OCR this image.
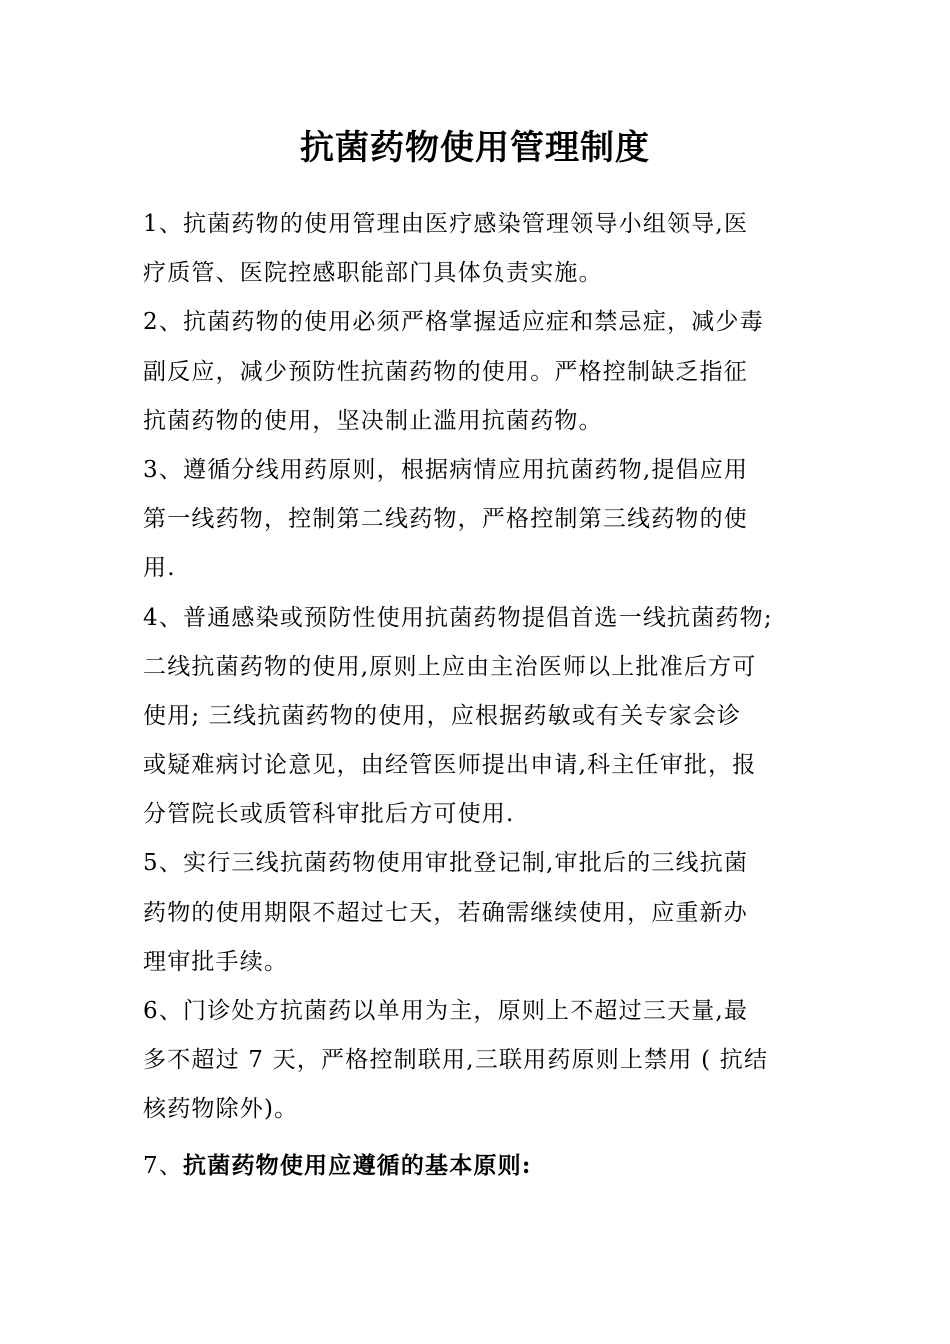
抗菌药物使用管理制度
1、抗菌药物的使用管理由医疗感染管理领导小组领导,医
疗质管、医院控感职能部门具体负责实施。
2、抗菌药物的使用必须严格掌握适应症和禁忌症，减少毒
副反应，减少预防性抗菌药物的使用。严格控制缺乏指征
抗菌药物的使用，坚决制止滥用抗菌药物。
3、遵循分线用药原则，根据病情应用抗菌药物,提倡应用
第一线药物，控制第二线药物，严格控制第三线药物的使
用.
4、普通感染或预防性使用抗菌药物提倡首选一线抗菌药物;
二线抗菌药物的使用,原则上应由主治医师以上批准后方可
使用; 三线抗菌药物的使用，应根据药敏或有关专家会诊
或疑难病讨论意见，由经管医师提出申请,科主任审批，报
分管院长或质管科审批后方可使用.
5、实行三线抗菌药物使用审批登记制,审批后的三线抗菌
药物的使用期限不超过七天，若确需继续使用，应重新办
理审批手续。
6、门诊处方抗菌药以单用为主，原则上不超过三天量,最
多不超过 7 天，严格控制联用,三联用药原则上禁用 ( 抗结
核药物除外)。
7、抗菌药物使用应遵循的基本原则:
